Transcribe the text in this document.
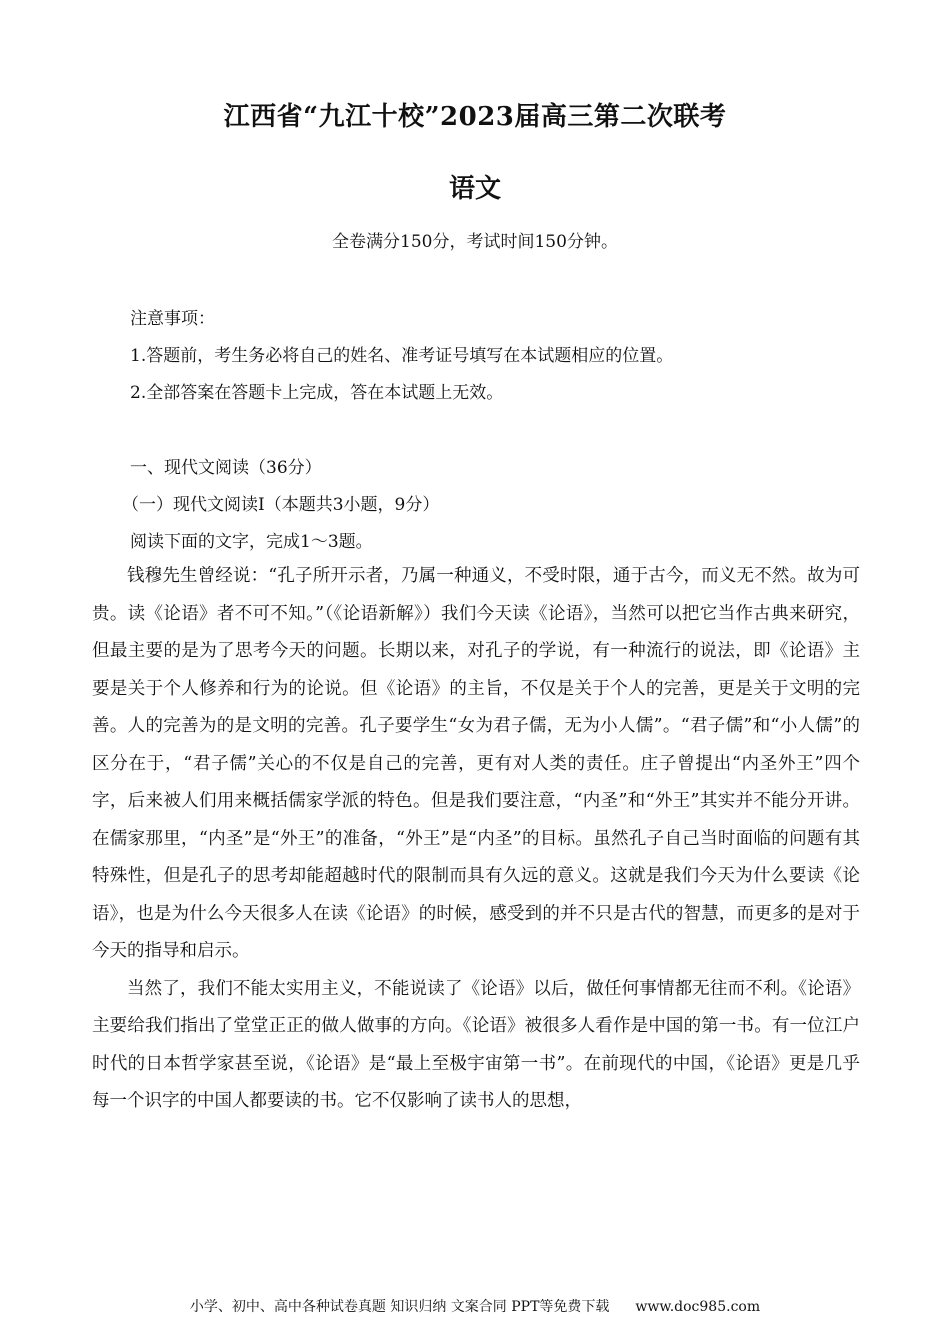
江西省“九江十校”2023届高三第二次联考
语文
全卷满分150分，考试时间150分钟。
注意事项：
1.答题前，考生务必将自己的姓名、准考证号填写在本试题相应的位置。
2.全部答案在答题卡上完成，答在本试题上无效。
一、现代文阅读（36分）
（一）现代文阅读I（本题共3小题，9分）
阅读下面的文字，完成1～3题。

钱穆先生曾经说：“孔子所开示者，乃属一种通义，不受时限，通于古今，而义无不然。故为可贵。读《论语》者不可不知。”（《论语新解》）我们今天读《论语》，当然可以把它当作古典来研究，但最主要的是为了思考今天的问题。长期以来，对孔子的学说，有一种流行的说法，即《论语》主要是关于个人修养和行为的论说。但《论语》的主旨，不仅是关于个人的完善，更是关于文明的完善。人的完善为的是文明的完善。孔子要学生“女为君子儒，无为小人儒”。“君子儒”和“小人儒”的区分在于，“君子儒”关心的不仅是自己的完善，更有对人类的责任。庄子曾提出“内圣外王”四个字，后来被人们用来概括儒家学派的特色。但是我们要注意，“内圣”和“外王”其实并不能分开讲。在儒家那里，“内圣”是“外王”的准备，“外王”是“内圣”的目标。虽然孔子自己当时面临的问题有其特殊性，但是孔子的思考却能超越时代的限制而具有久远的意义。这就是我们今天为什么要读《论语》，也是为什么今天很多人在读《论语》的时候，感受到的并不只是古代的智慧，而更多的是对于今天的指导和启示。

当然了，我们不能太实用主义，不能说读了《论语》以后，做任何事情都无往而不利。《论语》主要给我们指出了堂堂正正的做人做事的方向。《论语》被很多人看作是中国的第一书。有一位江户时代的日本哲学家甚至说，《论语》是“最上至极宇宙第一书”。在前现代的中国，《论语》更是几乎每一个识字的中国人都要读的书。它不仅影响了读书人的思想，

小学、初中、高中各种试卷真题 知识归纳 文案合同 PPT等免费下载 www.doc985.com
